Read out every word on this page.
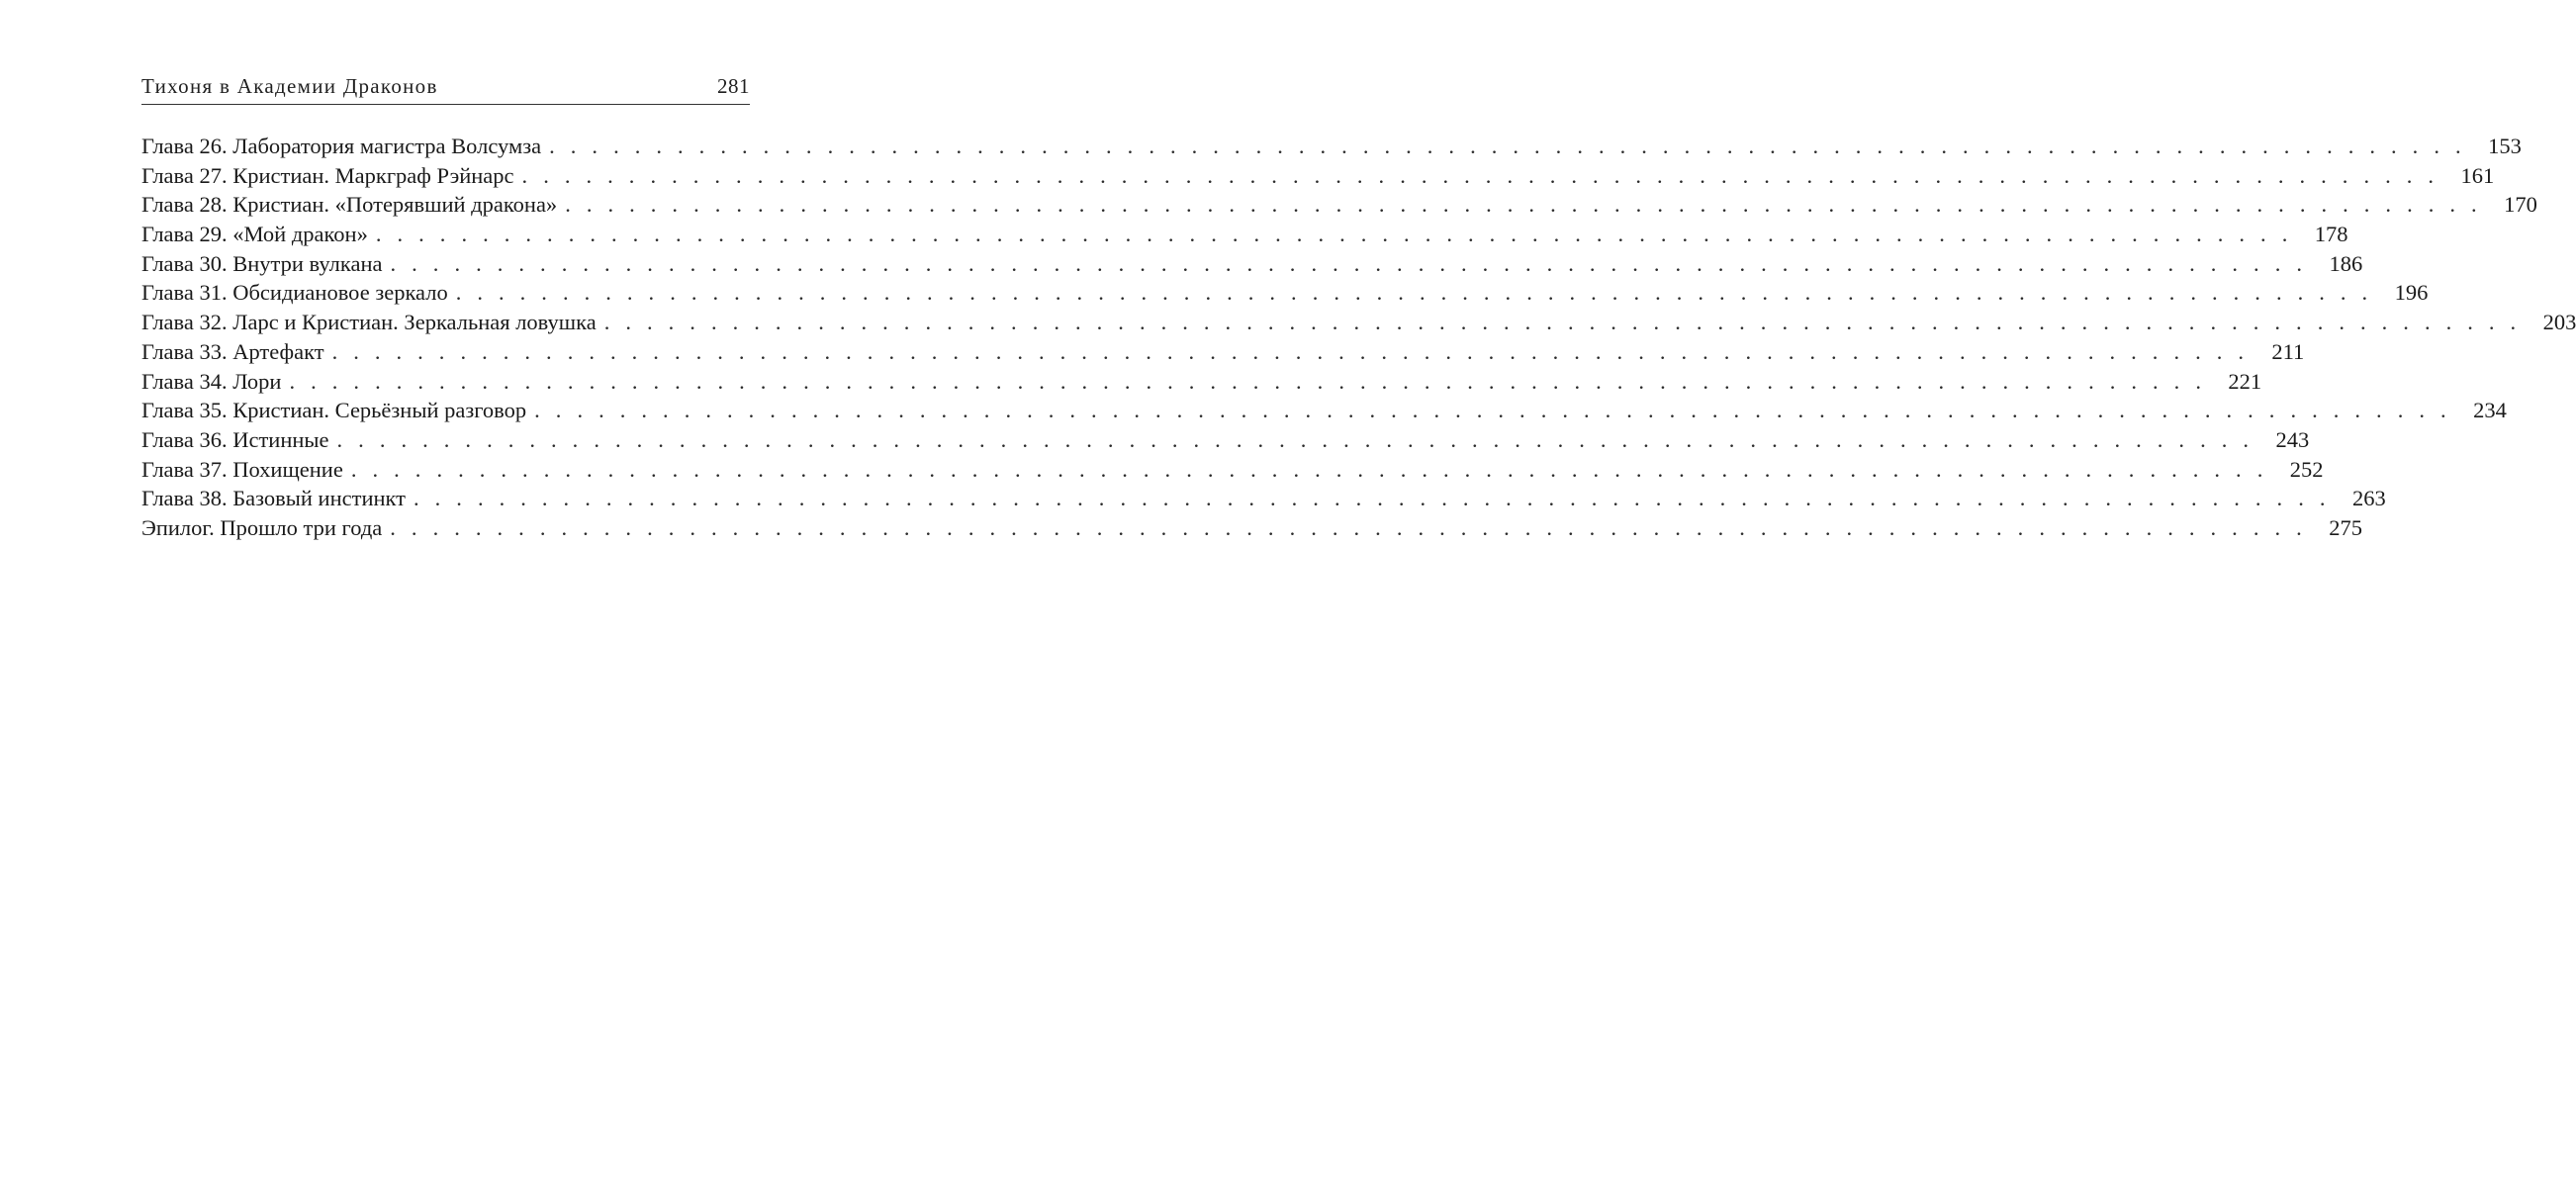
Тихоня в Академии Драконов	281
Глава 26. Лаборатория магистра Волсумза . . . . . . . . . . . . . . . . . . . . . . . . . . . . . . . . . . . . . . . . . . . . . . . . . . . . . . . . . . . . . . . . . . . . . . . . . . . . . . . . . . . . . . . . . . 153
Глава 27. Кристиан. Маркграф Рэйнарс . . . . . . . . . . . . . . . . . . . . . . . . . . . . . . . . . . . . . . . . . . . . . . . . . . . . . . . . . . . . . . . . . . . . . . . . . . . . . . . . . . . . . . . . . . 161
Глава 28. Кристиан. «Потерявший дракона» . . . . . . . . . . . . . . . . . . . . . . . . . . . . . . . . . . . . . . . . . . . . . . . . . . . . . . . . . . . . . . . . . . . . . . . . . . . . . . . . . . . . . . . . . . 170
Глава 29. «Мой дракон» . . . . . . . . . . . . . . . . . . . . . . . . . . . . . . . . . . . . . . . . . . . . . . . . . . . . . . . . . . . . . . . . . . . . . . . . . . . . . . . . . . . . . . . . . . 178
Глава 30. Внутри вулкана . . . . . . . . . . . . . . . . . . . . . . . . . . . . . . . . . . . . . . . . . . . . . . . . . . . . . . . . . . . . . . . . . . . . . . . . . . . . . . . . . . . . . . . . . . 186
Глава 31. Обсидиановое зеркало . . . . . . . . . . . . . . . . . . . . . . . . . . . . . . . . . . . . . . . . . . . . . . . . . . . . . . . . . . . . . . . . . . . . . . . . . . . . . . . . . . . . . . . . . . 196
Глава 32. Ларс и Кристиан. Зеркальная ловушка . . . . . . . . . . . . . . . . . . . . . . . . . . . . . . . . . . . . . . . . . . . . . . . . . . . . . . . . . . . . . . . . . . . . . . . . . . . . . . . . . . . . . . . . . . 203
Глава 33. Артефакт . . . . . . . . . . . . . . . . . . . . . . . . . . . . . . . . . . . . . . . . . . . . . . . . . . . . . . . . . . . . . . . . . . . . . . . . . . . . . . . . . . . . . . . . . .	211
Глава 34. Лори . . . . . . . . . . . . . . . . . . . . . . . . . . . . . . . . . . . . . . . . . . . . . . . . . . . . . . . . . . . . . . . . . . . . . . . . . . . . . . . . . . . . . . . . . . 221
Глава 35. Кристиан. Серьёзный разговор . . . . . . . . . . . . . . . . . . . . . . . . . . . . . . . . . . . . . . . . . . . . . . . . . . . . . . . . . . . . . . . . . . . . . . . . . . . . . . . . . . . . . . . . . . 234
Глава 36. Истинные . . . . . . . . . . . . . . . . . . . . . . . . . . . . . . . . . . . . . . . . . . . . . . . . . . . . . . . . . . . . . . . . . . . . . . . . . . . . . . . . . . . . . . . . . . 243
Глава 37. Похищение . . . . . . . . . . . . . . . . . . . . . . . . . . . . . . . . . . . . . . . . . . . . . . . . . . . . . . . . . . . . . . . . . . . . . . . . . . . . . . . . . . . . . . . . . . 252
Глава 38. Базовый инстинкт . . . . . . . . . . . . . . . . . . . . . . . . . . . . . . . . . . . . . . . . . . . . . . . . . . . . . . . . . . . . . . . . . . . . . . . . . . . . . . . . . . . . . . . . . . 263
Эпилог. Прошло три года . . . . . . . . . . . . . . . . . . . . . . . . . . . . . . . . . . . . . . . . . . . . . . . . . . . . . . . . . . . . . . . . . . . . . . . . . . . . . . . . . . . . . . . . . . 275
